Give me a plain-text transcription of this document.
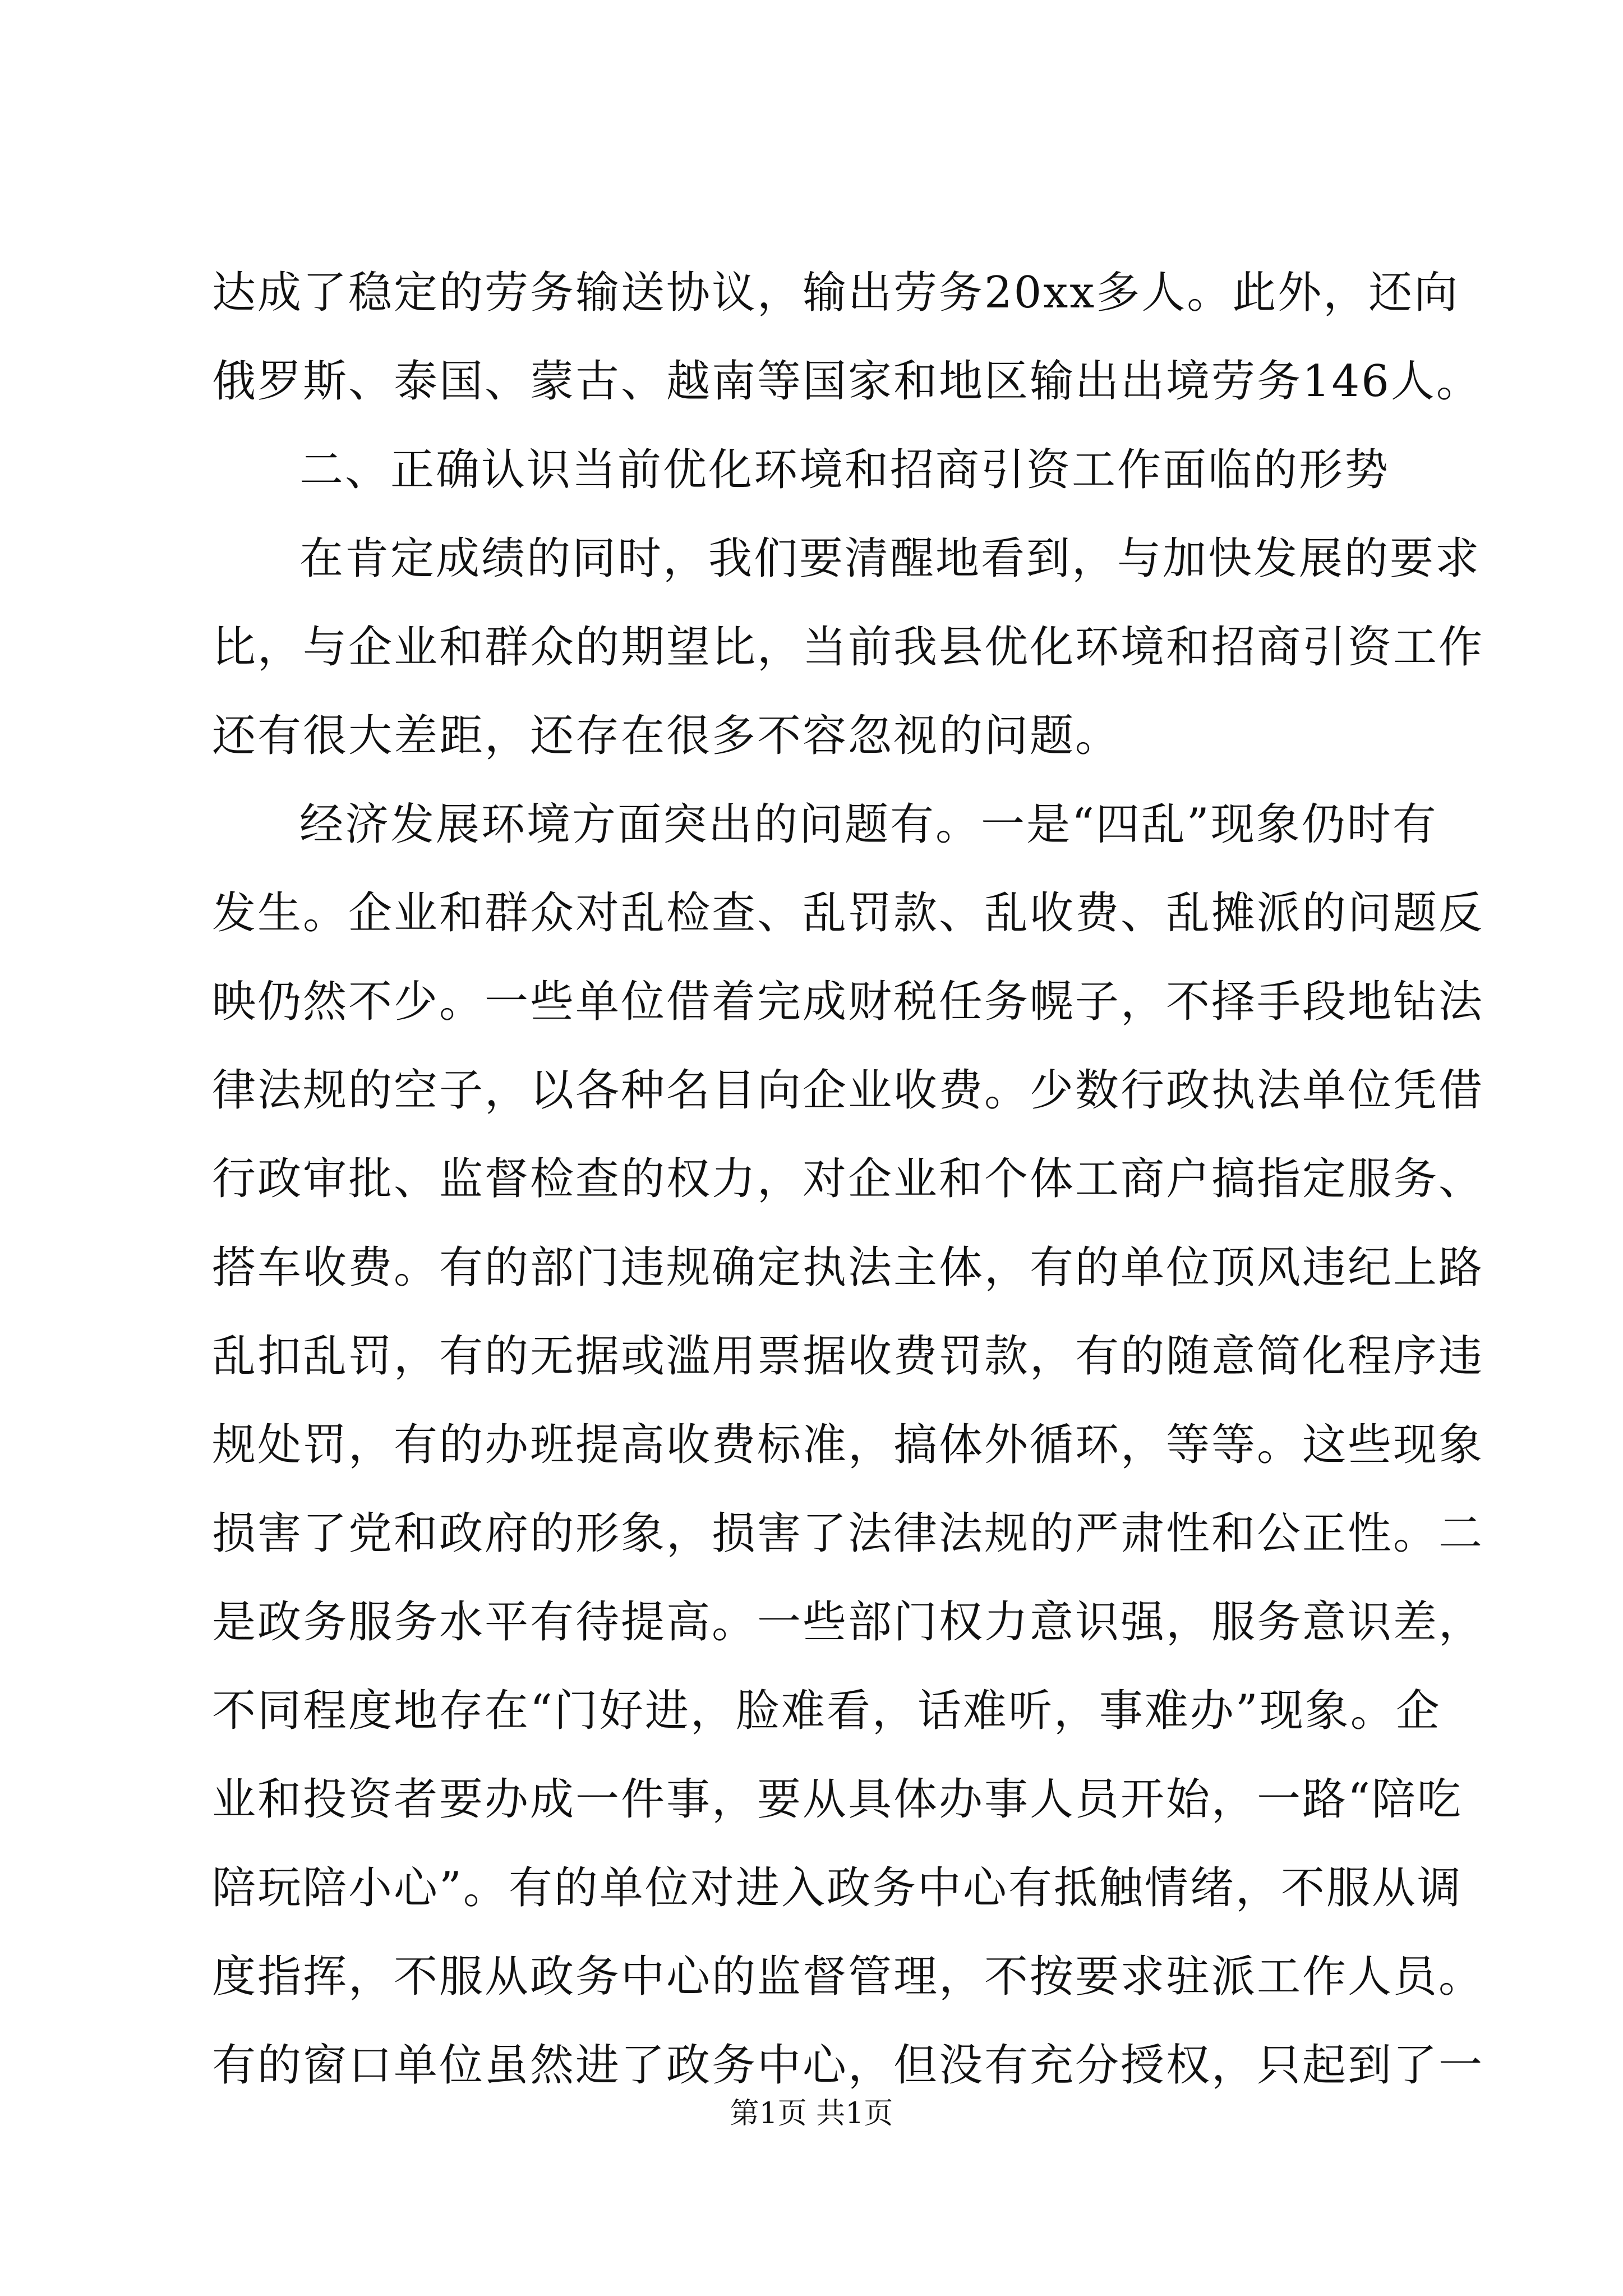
达成了稳定的劳务输送协议，输出劳务20xx多人。此外，还向
俄罗斯、泰国、蒙古、越南等国家和地区输出出境劳务146人。
二、正确认识当前优化环境和招商引资工作面临的形势
在肯定成绩的同时，我们要清醒地看到，与加快发展的要求
比，与企业和群众的期望比，当前我县优化环境和招商引资工作
还有很大差距，还存在很多不容忽视的问题。
经济发展环境方面突出的问题有。一是“四乱”现象仍时有
发生。企业和群众对乱检查、乱罚款、乱收费、乱摊派的问题反
映仍然不少。一些单位借着完成财税任务幌子，不择手段地钻法
律法规的空子，以各种名目向企业收费。少数行政执法单位凭借
行政审批、监督检查的权力，对企业和个体工商户搞指定服务、
搭车收费。有的部门违规确定执法主体，有的单位顶风违纪上路
乱扣乱罚，有的无据或滥用票据收费罚款，有的随意简化程序违
规处罚，有的办班提高收费标准，搞体外循环，等等。这些现象
损害了党和政府的形象，损害了法律法规的严肃性和公正性。二
是政务服务水平有待提高。一些部门权力意识强，服务意识差，
不同程度地存在“门好进，脸难看，话难听，事难办”现象。企
业和投资者要办成一件事，要从具体办事人员开始，一路“陪吃
陪玩陪小心”。有的单位对进入政务中心有抵触情绪，不服从调
度指挥，不服从政务中心的监督管理，不按要求驻派工作人员。
有的窗口单位虽然进了政务中心，但没有充分授权，只起到了一
第1页 共1页
